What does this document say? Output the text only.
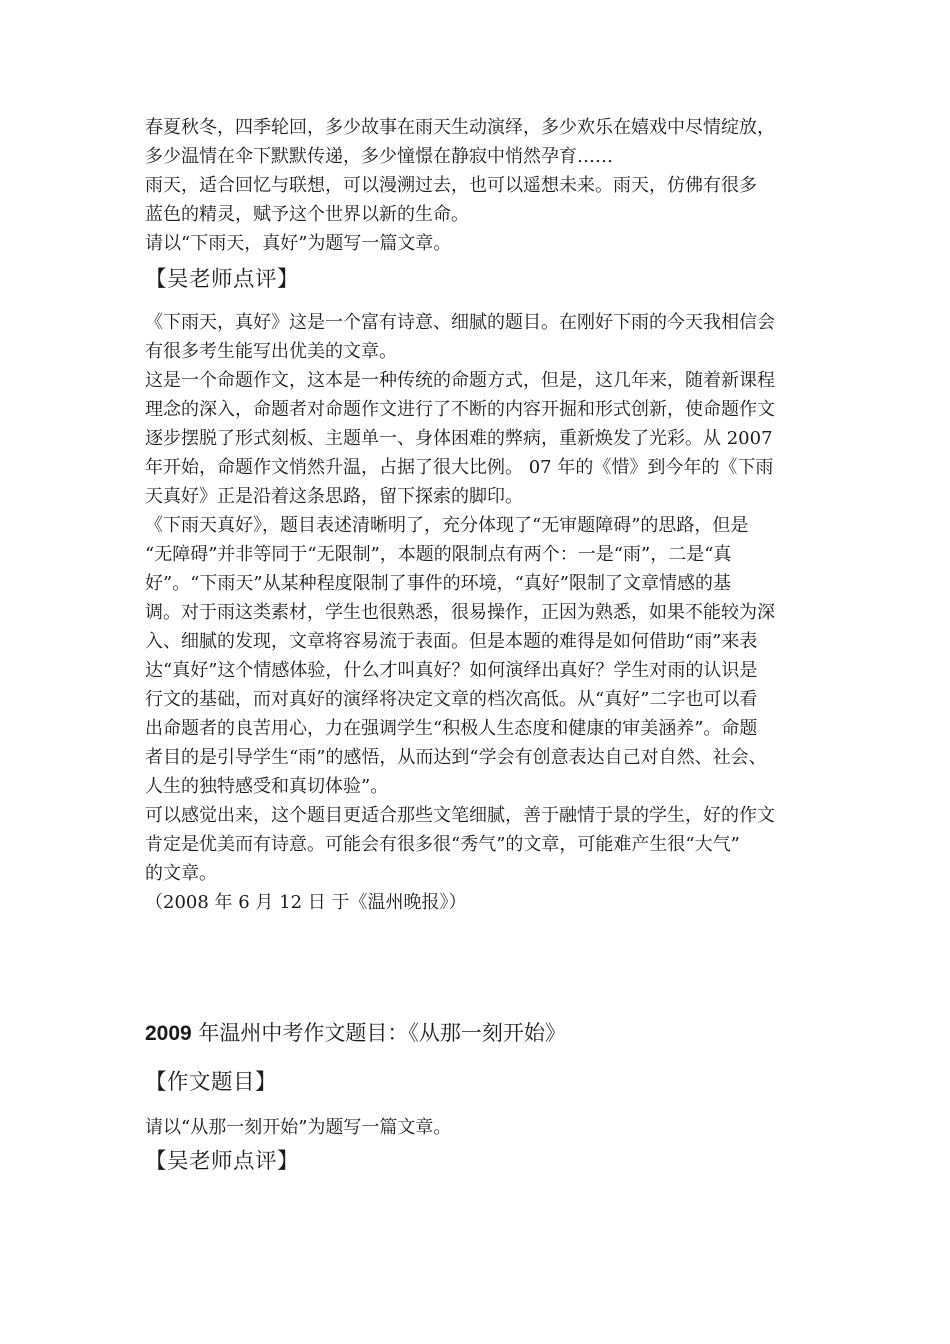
春夏秋冬，四季轮回，多少故事在雨天生动演绎，多少欢乐在嬉戏中尽情绽放，
多少温情在伞下默默传递，多少憧憬在静寂中悄然孕育……
雨天，适合回忆与联想，可以漫溯过去，也可以遥想未来。雨天，仿佛有很多
蓝色的精灵，赋予这个世界以新的生命。
请以“下雨天，真好”为题写一篇文章。
【吴老师点评】
《下雨天，真好》这是一个富有诗意、细腻的题目。在刚好下雨的今天我相信会
有很多考生能写出优美的文章。
这是一个命题作文，这本是一种传统的命题方式，但是，这几年来，随着新课程
理念的深入，命题者对命题作文进行了不断的内容开掘和形式创新，使命题作文
逐步摆脱了形式刻板、主题单一、身体困难的弊病，重新焕发了光彩。从 2007
年开始，命题作文悄然升温，占据了很大比例。 07 年的《惜》到今年的《下雨
天真好》正是沿着这条思路，留下探索的脚印。
《下雨天真好》，题目表述清晰明了，充分体现了“无审题障碍”的思路，但是
“无障碍”并非等同于“无限制”，本题的限制点有两个：一是“雨”，二是“真
好”。“下雨天”从某种程度限制了事件的环境，“真好”限制了文章情感的基
调。对于雨这类素材，学生也很熟悉，很易操作，正因为熟悉，如果不能较为深
入、细腻的发现，文章将容易流于表面。但是本题的难得是如何借助“雨”来表
达“真好”这个情感体验，什么才叫真好？如何演绎出真好？学生对雨的认识是
行文的基础，而对真好的演绎将决定文章的档次高低。从“真好”二字也可以看
出命题者的良苦用心，力在强调学生“积极人生态度和健康的审美涵养”。命题
者目的是引导学生“雨”的感悟，从而达到“学会有创意表达自己对自然、社会、
人生的独特感受和真切体验”。
可以感觉出来，这个题目更适合那些文笔细腻，善于融情于景的学生，好的作文
肯定是优美而有诗意。可能会有很多很“秀气”的文章，可能难产生很“大气”
的文章。
（2008 年 6 月 12 日 于《温州晚报》）
2009 年温州中考作文题目：《从那一刻开始》
【作文题目】
请以“从那一刻开始”为题写一篇文章。
【吴老师点评】
